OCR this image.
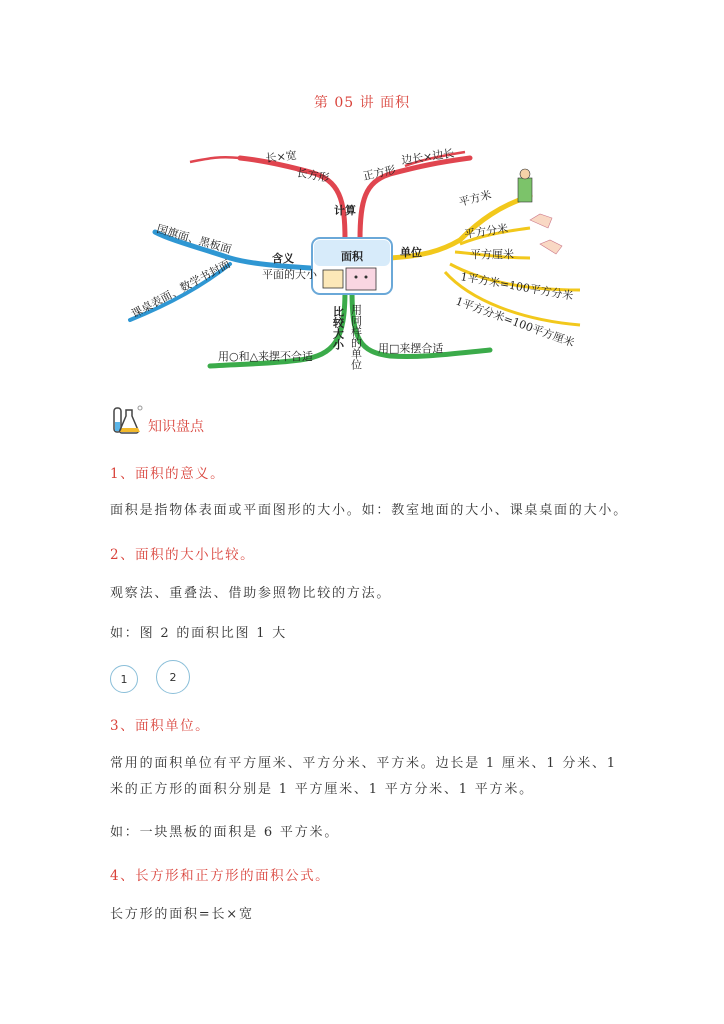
第 05 讲 面积
面积
计算
长方形
长×宽
正方形
边长×边长
单位
平方米
平方分米
平方厘米
1平方米=100平方分米
1平方分米=100平方厘米
含义
平面的大小
国旗面、黑板面
课桌表面、数学书封面
比较大小 用同样的单位
用○和△来摆不合适
用□来摆合适
知识盘点
1、面积的意义。
面积是指物体表面或平面图形的大小。如：教室地面的大小、课桌桌面的大小。
2、面积的大小比较。
观察法、重叠法、借助参照物比较的方法。
如：图 2 的面积比图 1 大
1	2
3、面积单位。
常用的面积单位有平方厘米、平方分米、平方米。边长是 1 厘米、1 分米、1 米的正方形的面积分别是 1 平方厘米、1 平方分米、1 平方米。
如：一块黑板的面积是 6 平方米。
4、长方形和正方形的面积公式。
长方形的面积=长×宽
